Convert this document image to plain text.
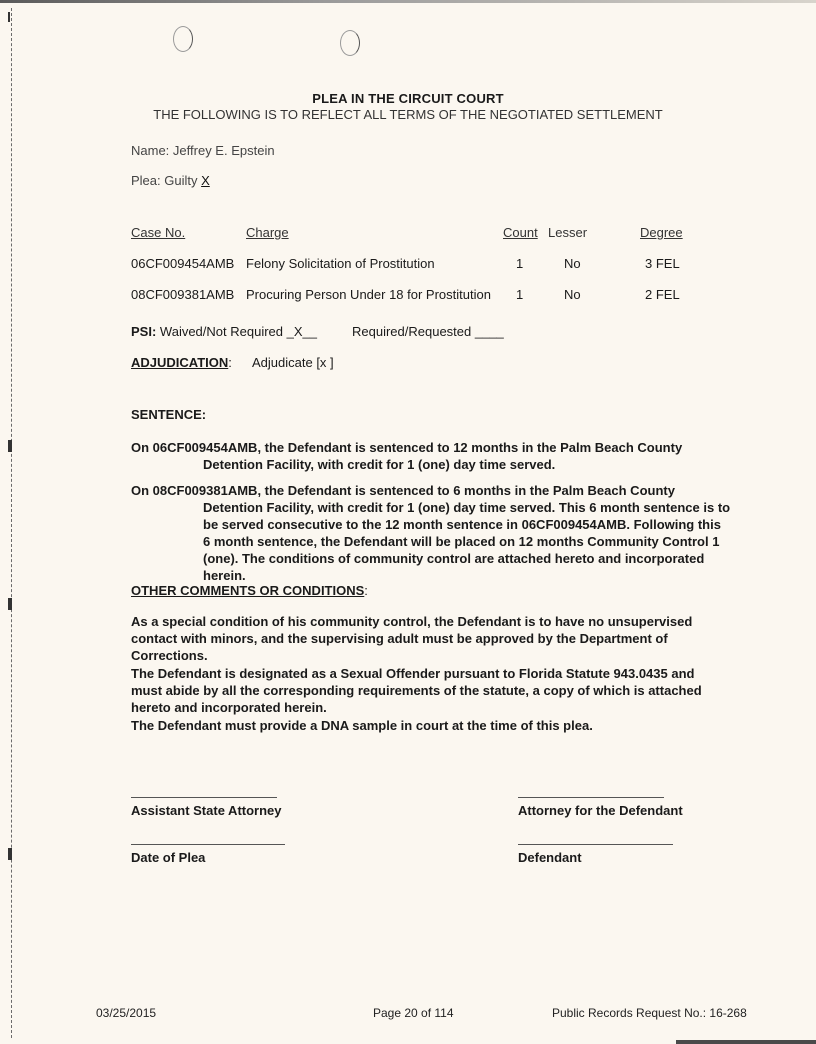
PLEA IN THE CIRCUIT COURT
THE FOLLOWING IS TO REFLECT ALL TERMS OF THE NEGOTIATED SETTLEMENT
Name: Jeffrey E. Epstein
Plea: Guilty X
Case No.	Charge	Count Lesser	Degree
06CF009454AMB Felony Solicitation of Prostitution	1	No	3 FEL
08CF009381AMB Procuring Person Under 18 for Prostitution 1	No	2 FEL
PSI: Waived/Not Required _X__	Required/Requested ____
ADJUDICATION: Adjudicate [x ]
SENTENCE:
On 06CF009454AMB, the Defendant is sentenced to 12 months in the Palm Beach County
Detention Facility, with credit for 1 (one) day time served.
On 08CF009381AMB, the Defendant is sentenced to 6 months in the Palm Beach County
Detention Facility, with credit for 1 (one) day time served. This 6 month sentence is to be served consecutive to the 12 month sentence in 06CF009454AMB. Following this 6 month sentence, the Defendant will be placed on 12 months Community Control 1 (one). The conditions of community control are attached hereto and incorporated herein.
OTHER COMMENTS OR CONDITIONS:
As a special condition of his community control, the Defendant is to have no unsupervised contact with minors, and the supervising adult must be approved by the Department of Corrections.
The Defendant is designated as a Sexual Offender pursuant to Florida Statute 943.0435 and must abide by all the corresponding requirements of the statute, a copy of which is attached hereto and incorporated herein.
The Defendant must provide a DNA sample in court at the time of this plea.
Assistant State Attorney	Attorney for the Defendant
Date of Plea	Defendant
03/25/2015	Page 20 of 114	Public Records Request No.: 16-268
